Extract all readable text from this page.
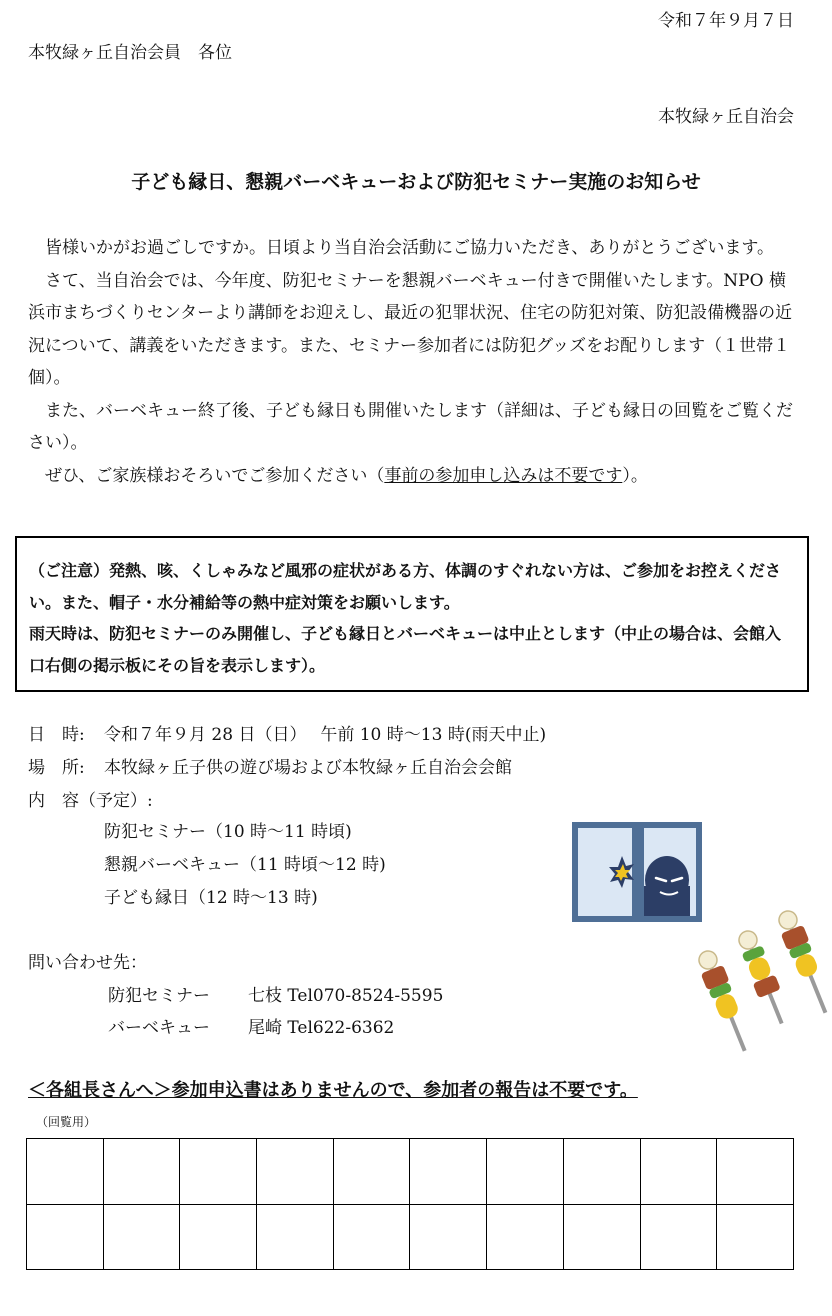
令和７年９月７日
本牧緑ヶ丘自治会員　各位
本牧緑ヶ丘自治会
子ども縁日、懇親バーベキューおよび防犯セミナー実施のお知らせ

皆様いかがお過ごしですか。日頃より当自治会活動にご協力いただき、ありがとうございます。

さて、当自治会では、今年度、防犯セミナーを懇親バーベキュー付きで開催いたします。NPO 横浜市まちづくりセンターより講師をお迎えし、最近の犯罪状況、住宅の防犯対策、防犯設備機器の近況について、講義をいただきます。また、セミナー参加者には防犯グッズをお配りします（１世帯１個）。

また、バーベキュー終了後、子ども縁日も開催いたします（詳細は、子ども縁日の回覧をご覧ください）。

ぜひ、ご家族様おそろいでご参加ください（事前の参加申し込みは不要です）。

（ご注意）発熱、咳、くしゃみなど風邪の症状がある方、体調のすぐれない方は、ご参加をお控えください。また、帽子・水分補給等の熱中症対策をお願いします。

雨天時は、防犯セミナーのみ開催し、子ども縁日とバーベキューは中止とします（中止の場合は、会館入口右側の掲示板にその旨を表示します）。

日　時: 令和７年９月 28 日（日）　 午前 10 時～13 時(雨天中止)
場　所: 本牧緑ヶ丘子供の遊び場および本牧緑ヶ丘自治会会館
内　容（予定）:
防犯セミナー（10 時～11 時頃)
懇親バーベキュー（11 時頃～12 時)
子ども縁日（12 時～13 時)
問い合わせ先：
防犯セミナー 七枝 Tel070-8524-5595
バーベキュー 尾崎 Tel622-6362
＜各組長さんへ＞参加申込書はありませんので、参加者の報告は不要です。
（回覧用）
